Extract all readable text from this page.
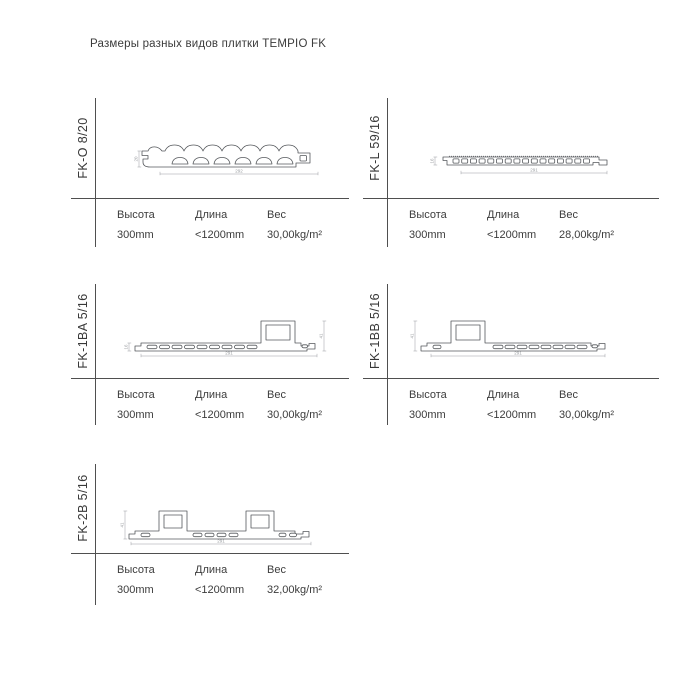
Размеры разных видов плитки TEMPIO FK
FK-O 8/20	20
292
Высота	Длина	Вес
300mm	<1200mm 30,00kg/m²
FK-L 59/16	16
291
Высота	Длина	Вес
300mm	<1200mm 28,00kg/m²
FK-1BA 5/16	16
41
291
Высота	Длина	Вес
300mm	<1200mm 30,00kg/m²
FK-1BB 5/16	41
291
Высота	Длина	Вес
300mm	<1200mm 30,00kg/m²
FK-2B 5/16	41
291
Высота	Длина	Вес
300mm	<1200mm 32,00kg/m²
